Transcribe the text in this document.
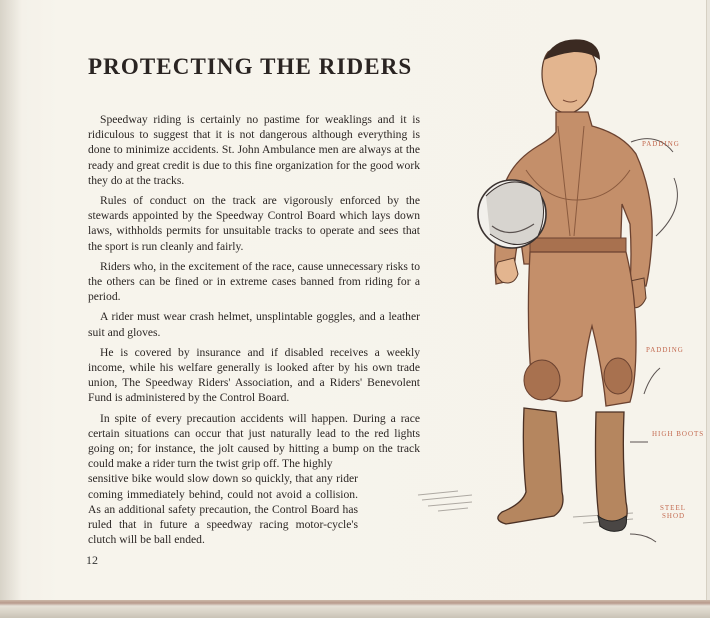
PROTECTING THE RIDERS

Speedway riding is certainly no pastime for weaklings and it is ridiculous to suggest that it is not dangerous although everything is done to minimize accidents. St. John Ambulance men are always at the ready and great credit is due to this fine organization for the good work they do at the tracks.

Rules of conduct on the track are vigorously enforced by the stewards appointed by the Speedway Control Board which lays down laws, withholds permits for unsuitable tracks to operate and sees that the sport is run cleanly and fairly.

Riders who, in the excitement of the race, cause unnecessary risks to the others can be fined or in extreme cases banned from riding for a period.

A rider must wear crash helmet, unsplintable goggles, and a leather suit and gloves.

He is covered by insurance and if disabled receives a weekly income, while his welfare generally is looked after by his own trade union, The Speedway Riders' Association, and a Riders' Benevolent Fund is administered by the Control Board.

In spite of every precaution accidents will happen. During a race certain situations can occur that just naturally lead to the red lights going on; for instance, the jolt caused by hitting a bump on the track could make a rider turn the twist grip off. The highly

sensitive bike would slow down so quickly, that any rider coming immediately behind, could not avoid a collision. As an additional safety precaution, the Control Board has ruled that in future a speedway racing motor-cycle's clutch will be ball ended.

12
PADDING
PADDING
HIGH BOOTS
STEEL
SHOD
